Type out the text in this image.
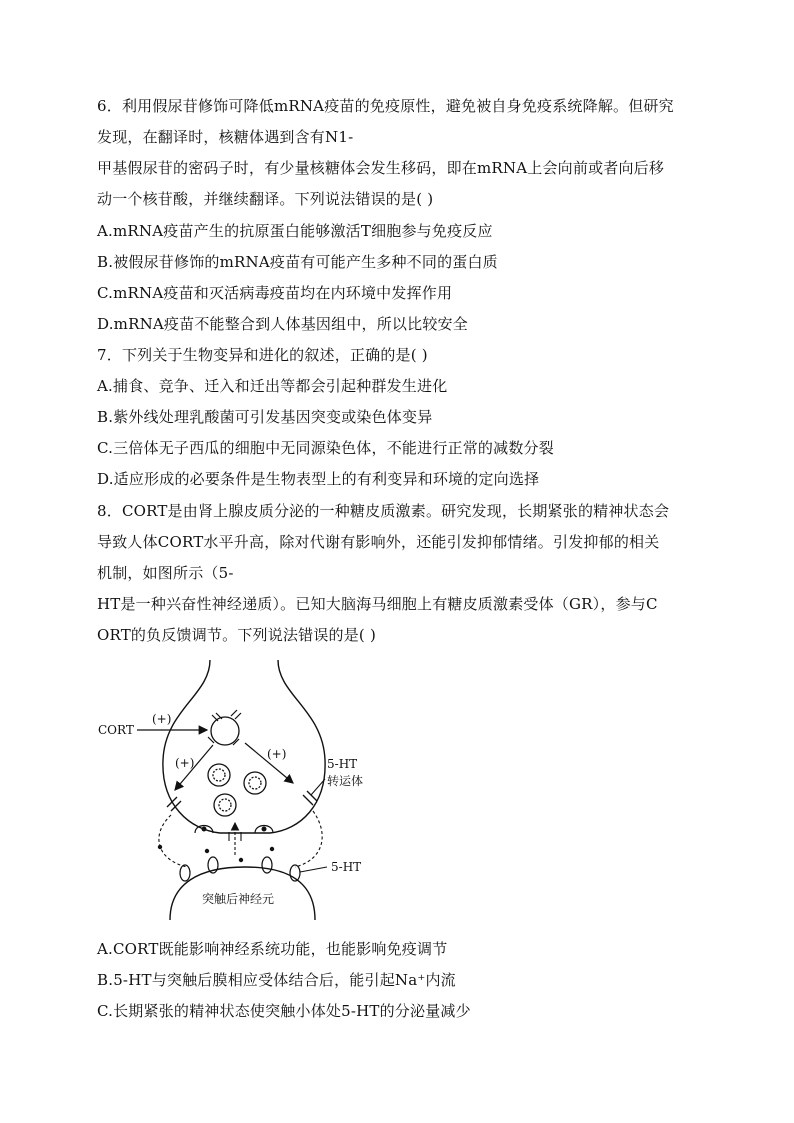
6．利用假尿苷修饰可降低mRNA疫苗的免疫原性，避免被自身免疫系统降解。但研究
发现，在翻译时，核糖体遇到含有N1-
甲基假尿苷的密码子时，有少量核糖体会发生移码，即在mRNA上会向前或者向后移
动一个核苷酸，并继续翻译。下列说法错误的是( )
A.mRNA疫苗产生的抗原蛋白能够激活T细胞参与免疫反应
B.被假尿苷修饰的mRNA疫苗有可能产生多种不同的蛋白质
C.mRNA疫苗和灭活病毒疫苗均在内环境中发挥作用
D.mRNA疫苗不能整合到人体基因组中，所以比较安全
7．下列关于生物变异和进化的叙述，正确的是( )
A.捕食、竞争、迁入和迁出等都会引起种群发生进化
B.紫外线处理乳酸菌可引发基因突变或染色体变异
C.三倍体无子西瓜的细胞中无同源染色体，不能进行正常的减数分裂
D.适应形成的必要条件是生物表型上的有利变异和环境的定向选择
8．CORT是由肾上腺皮质分泌的一种糖皮质激素。研究发现，长期紧张的精神状态会
导致人体CORT水平升高，除对代谢有影响外，还能引发抑郁情绪。引发抑郁的相关
机制，如图所示（5-
HT是一种兴奋性神经递质）。已知大脑海马细胞上有糖皮质激素受体（GR），参与C
ORT的负反馈调节。下列说法错误的是( )
CORT
(+)
(+)
(+)
5-HT
转运体
5-HT
突触后神经元
A.CORT既能影响神经系统功能，也能影响免疫调节
B.5-HT与突触后膜相应受体结合后，能引起Na⁺内流
C.长期紧张的精神状态使突触小体处5-HT的分泌量减少
